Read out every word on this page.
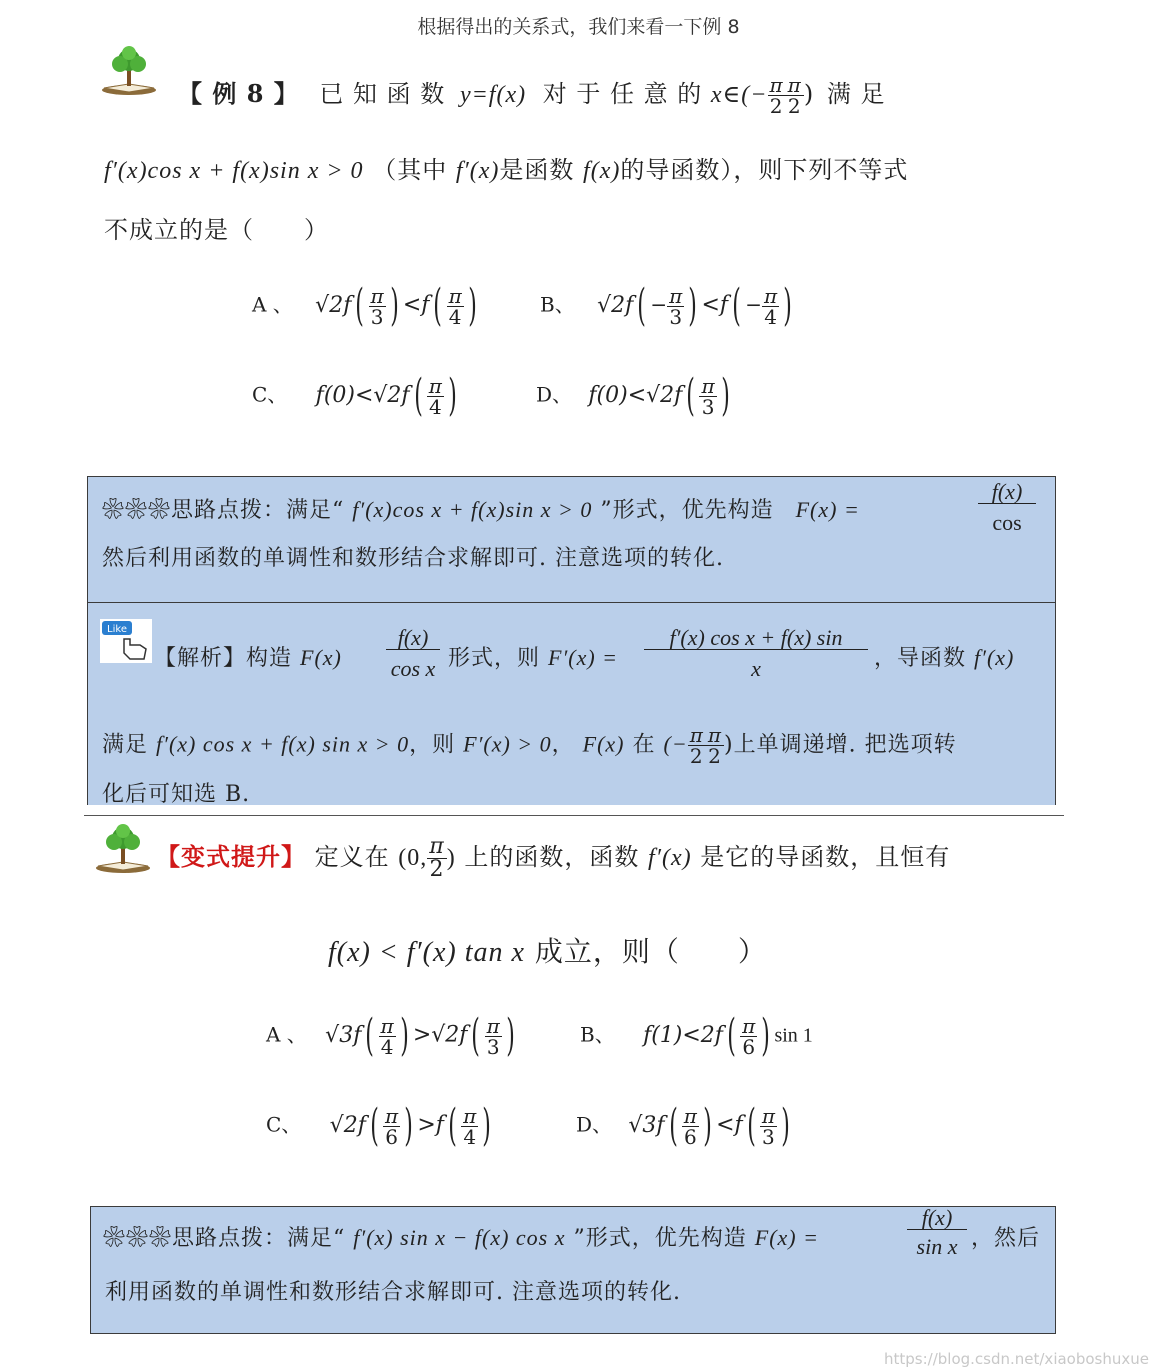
根据得出的关系式，我们来看一下例 8
【 例 8 】 已 知 函 数 y=f(x) 对 于 任 意 的 x∈(− $\frac{\pi}{2} \frac{\pi}{2}$ ) 满 足
f′(x)cos x + f(x)sin x > 0 （其中 f′(x)是函数 f(x)的导函数），则下列不等式
不成立的是（　　）
A 、 $√2f( \frac{\pi}{3}$ ) $<f( \frac{\pi}{4}$ )	B、 $√2f( - \frac{\pi}{3}$ ) $<f( - \frac{\pi}{4}$ )
C、 $f(0)<√2f( \frac{\pi}{4}$ )	D、 $f(0)<√2f( \frac{\pi}{3}$ )
❀❀❀思路点拨：满足“ f′(x)cos x + f(x)sin x > 0 ”形式，优先构造 F(x) =	$\frac{f(x)}{\cos}$
然后利用函数的单调性和数形结合求解即可. 注意选项的转化.
Like
【解析】构造 $F(x) \frac{f(x)}{\text{cos x}}$ 形式，则 $F'(x) = \frac{\text{f′(x) cos x + f(x) sin}}{x}$ ，导函数 f′(x)
满足 f′(x) cos x + f(x) sin x > 0，则 F′(x) > 0， F(x) 在 (− $\frac{\pi}{2} \frac{\pi}{2}$ )上单调递增. 把选项转
化后可知选 B.
【变式提升】 定义在 (0, $\frac{\pi}{2}$ ) 上的函数，函数 f′(x) 是它的导函数，且恒有
f(x) < f′(x) tan x 成立，则（　　）
A 、 $√3f( \frac{\pi}{4}$ ) $>√2f( \frac{\pi}{3}$ )	B、 $f(1)<2f( \frac{\pi}{6}$ ) sin 1
C、 $√2f( \frac{\pi}{6}$ ) $>f( \frac{\pi}{4}$ )	D、 $√3f( \frac{\pi}{6}$ ) $<f( \frac{\pi}{3}$ )
❀❀❀思路点拨：满足“ f′(x) sin x − f(x) cos x ”形式，优先构造 F(x) =	$\frac{f(x)}{\text{sin x}}$ ，然后
利用函数的单调性和数形结合求解即可. 注意选项的转化.
https://blog.csdn.net/xiaoboshuxue
